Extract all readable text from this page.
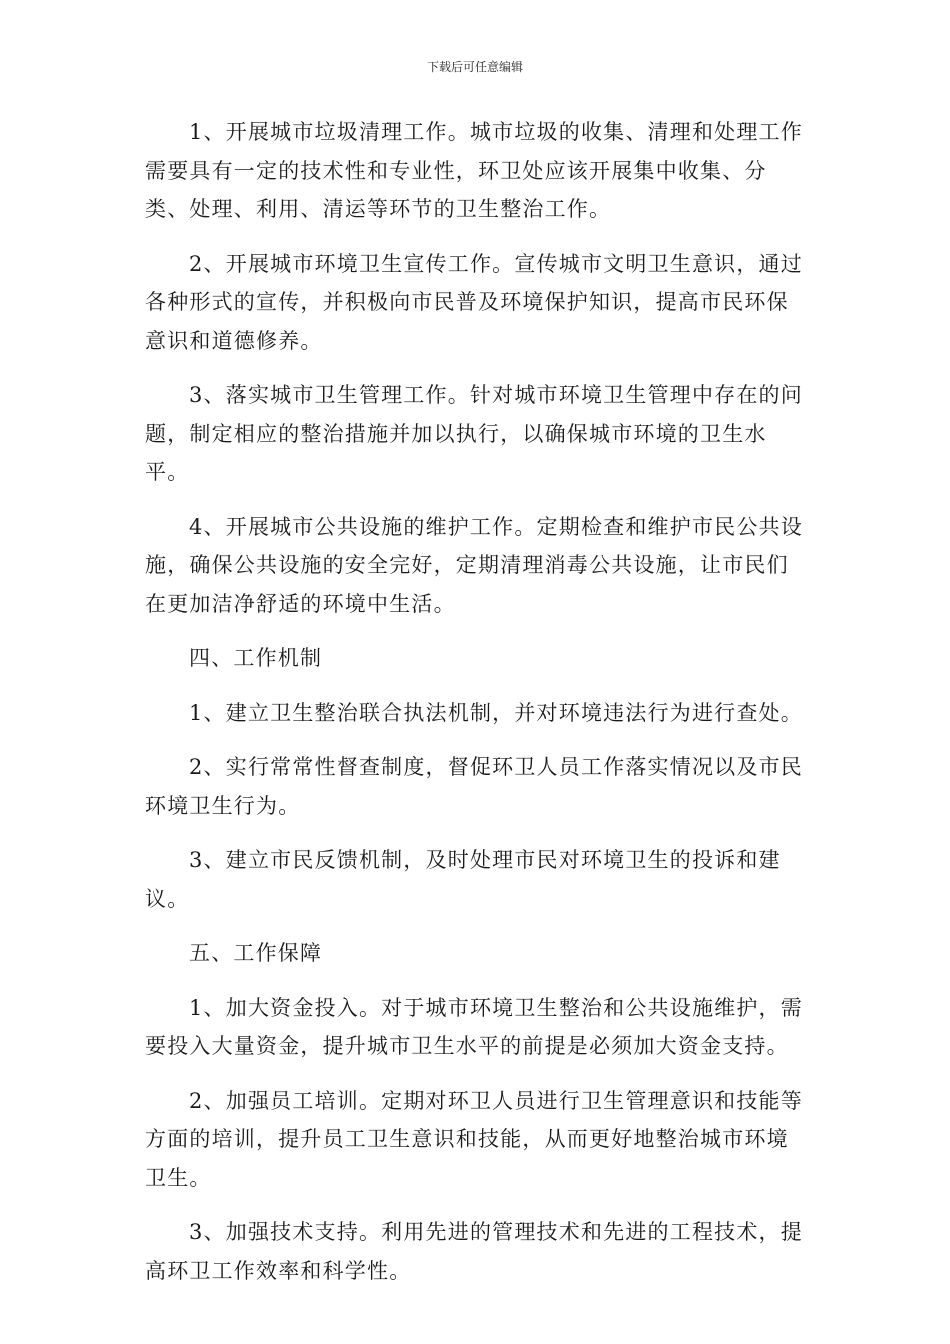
下载后可任意编辑

1、开展城市垃圾清理工作。城市垃圾的收集、清理和处理工作需要具有一定的技术性和专业性，环卫处应该开展集中收集、分类、处理、利用、清运等环节的卫生整治工作。

2、开展城市环境卫生宣传工作。宣传城市文明卫生意识，通过各种形式的宣传，并积极向市民普及环境保护知识，提高市民环保意识和道德修养。

3、落实城市卫生管理工作。针对城市环境卫生管理中存在的问题，制定相应的整治措施并加以执行，以确保城市环境的卫生水平。

4、开展城市公共设施的维护工作。定期检查和维护市民公共设施，确保公共设施的安全完好，定期清理消毒公共设施，让市民们在更加洁净舒适的环境中生活。

四、工作机制

1、建立卫生整治联合执法机制，并对环境违法行为进行查处。

2、实行常常性督查制度，督促环卫人员工作落实情况以及市民环境卫生行为。

3、建立市民反馈机制，及时处理市民对环境卫生的投诉和建议。

五、工作保障

1、加大资金投入。对于城市环境卫生整治和公共设施维护，需要投入大量资金，提升城市卫生水平的前提是必须加大资金支持。

2、加强员工培训。定期对环卫人员进行卫生管理意识和技能等方面的培训，提升员工卫生意识和技能，从而更好地整治城市环境卫生。

3、加强技术支持。利用先进的管理技术和先进的工程技术，提高环卫工作效率和科学性。
